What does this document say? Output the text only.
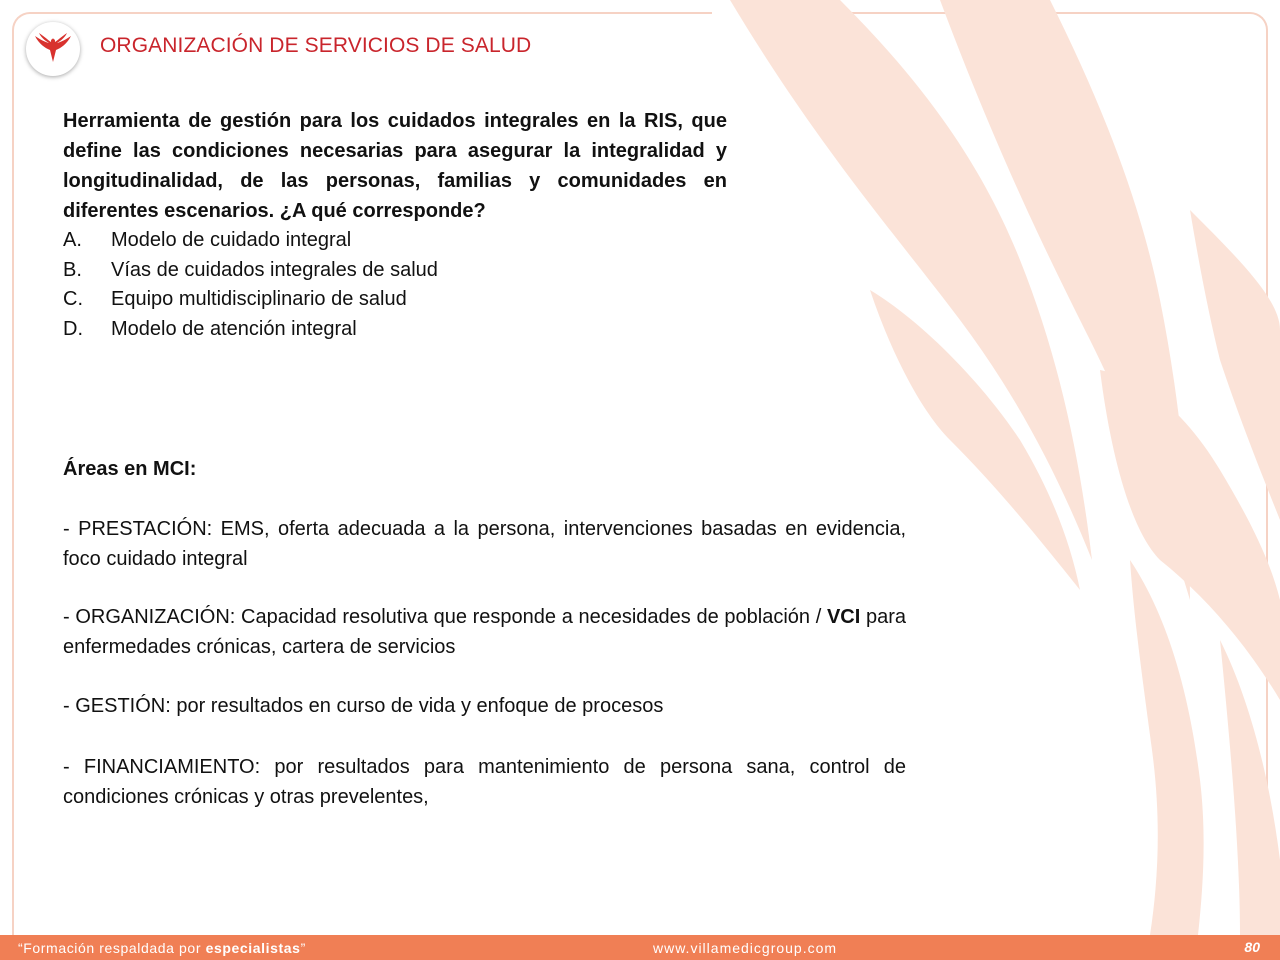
ORGANIZACIÓN DE SERVICIOS DE SALUD

Herramienta de gestión para los cuidados integrales en la RIS, que define las condiciones necesarias para asegurar la integralidad y longitudinalidad, de las personas, familias y comunidades en diferentes escenarios. ¿A qué corresponde?

A.	Modelo de cuidado integral
B.	Vías de cuidados integrales de salud
C.	Equipo multidisciplinario de salud
D.	Modelo de atención integral
Áreas en MCI:

- PRESTACIÓN: EMS, oferta adecuada a la persona, intervenciones basadas en evidencia, foco cuidado integral

- ORGANIZACIÓN: Capacidad resolutiva que responde a necesidades de población / VCI para enfermedades crónicas, cartera de servicios

- GESTIÓN: por resultados en curso de vida y enfoque de procesos

- FINANCIAMIENTO: por resultados para mantenimiento de persona sana, control de condiciones crónicas y otras prevelentes,

“Formación respaldada por especialistas”	www.villamedicgroup.com	80
